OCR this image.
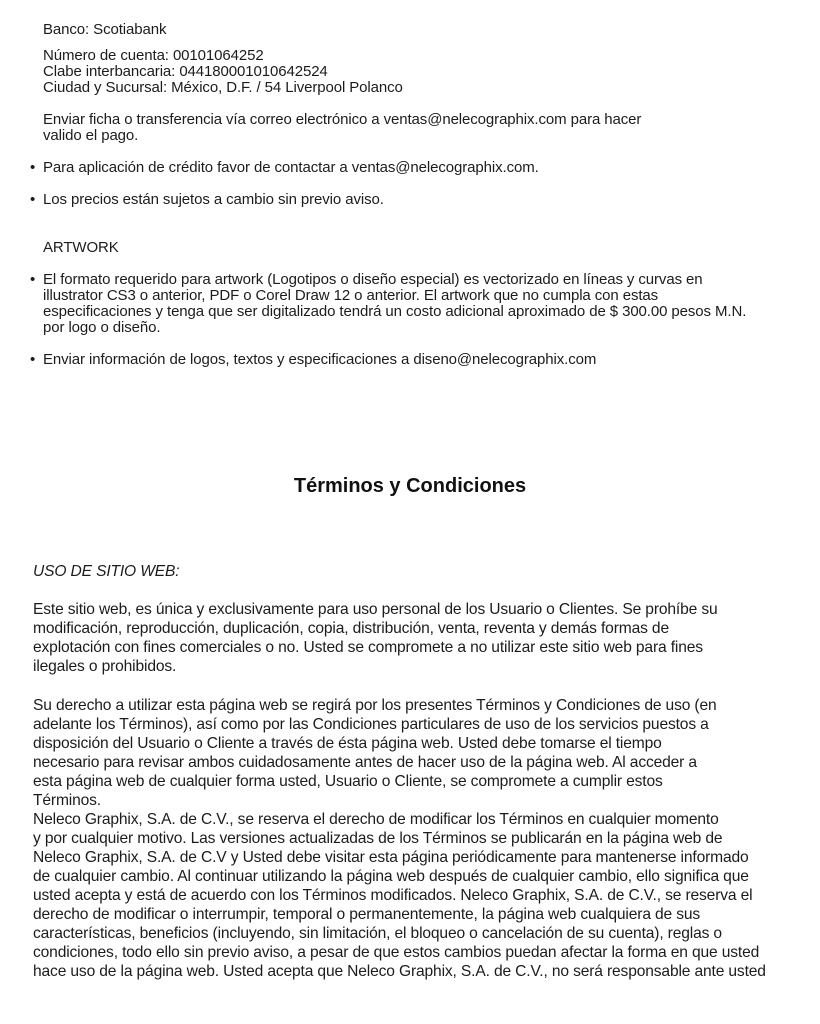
Banco: Scotiabank
Número de cuenta: 00101064252
Clabe interbancaria: 044180001010642524
Ciudad y Sucursal: México, D.F. / 54 Liverpool Polanco
Enviar ficha o transferencia vía correo electrónico a ventas@nelecographix.com para hacer
valido el pago.
• Para aplicación de crédito favor de contactar a ventas@nelecographix.com.
• Los precios están sujetos a cambio sin previo aviso.
ARTWORK
• El formato requerido para artwork (Logotipos o diseño especial) es vectorizado en líneas y curvas en
illustrator CS3 o anterior, PDF o Corel Draw 12 o anterior. El artwork que no cumpla con estas
especificaciones y tenga que ser digitalizado tendrá un costo adicional aproximado de $ 300.00 pesos M.N.
por logo o diseño.
• Enviar información de logos, textos y especificaciones a diseno@nelecographix.com
Términos y Condiciones
USO DE SITIO WEB:
Este sitio web, es única y exclusivamente para uso personal de los Usuario o Clientes. Se prohíbe su
modificación, reproducción, duplicación, copia, distribución, venta, reventa y demás formas de
explotación con fines comerciales o no. Usted se compromete a no utilizar este sitio web para fines
ilegales o prohibidos.
Su derecho a utilizar esta página web se regirá por los presentes Términos y Condiciones de uso (en
adelante los Términos), así como por las Condiciones particulares de uso de los servicios puestos a
disposición del Usuario o Cliente a través de ésta página web. Usted debe tomarse el tiempo
necesario para revisar ambos cuidadosamente antes de hacer uso de la página web. Al acceder a
esta página web de cualquier forma usted, Usuario o Cliente, se compromete a cumplir estos
Términos.
Neleco Graphix, S.A. de C.V., se reserva el derecho de modificar los Términos en cualquier momento
y por cualquier motivo. Las versiones actualizadas de los Términos se publicarán en la página web de
Neleco Graphix, S.A. de C.V y Usted debe visitar esta página periódicamente para mantenerse informado
de cualquier cambio. Al continuar utilizando la página web después de cualquier cambio, ello significa que
usted acepta y está de acuerdo con los Términos modificados. Neleco Graphix, S.A. de C.V., se reserva el
derecho de modificar o interrumpir, temporal o permanentemente, la página web cualquiera de sus
características, beneficios (incluyendo, sin limitación, el bloqueo o cancelación de su cuenta), reglas o
condiciones, todo ello sin previo aviso, a pesar de que estos cambios puedan afectar la forma en que usted
hace uso de la página web. Usted acepta que Neleco Graphix, S.A. de C.V., no será responsable ante usted
